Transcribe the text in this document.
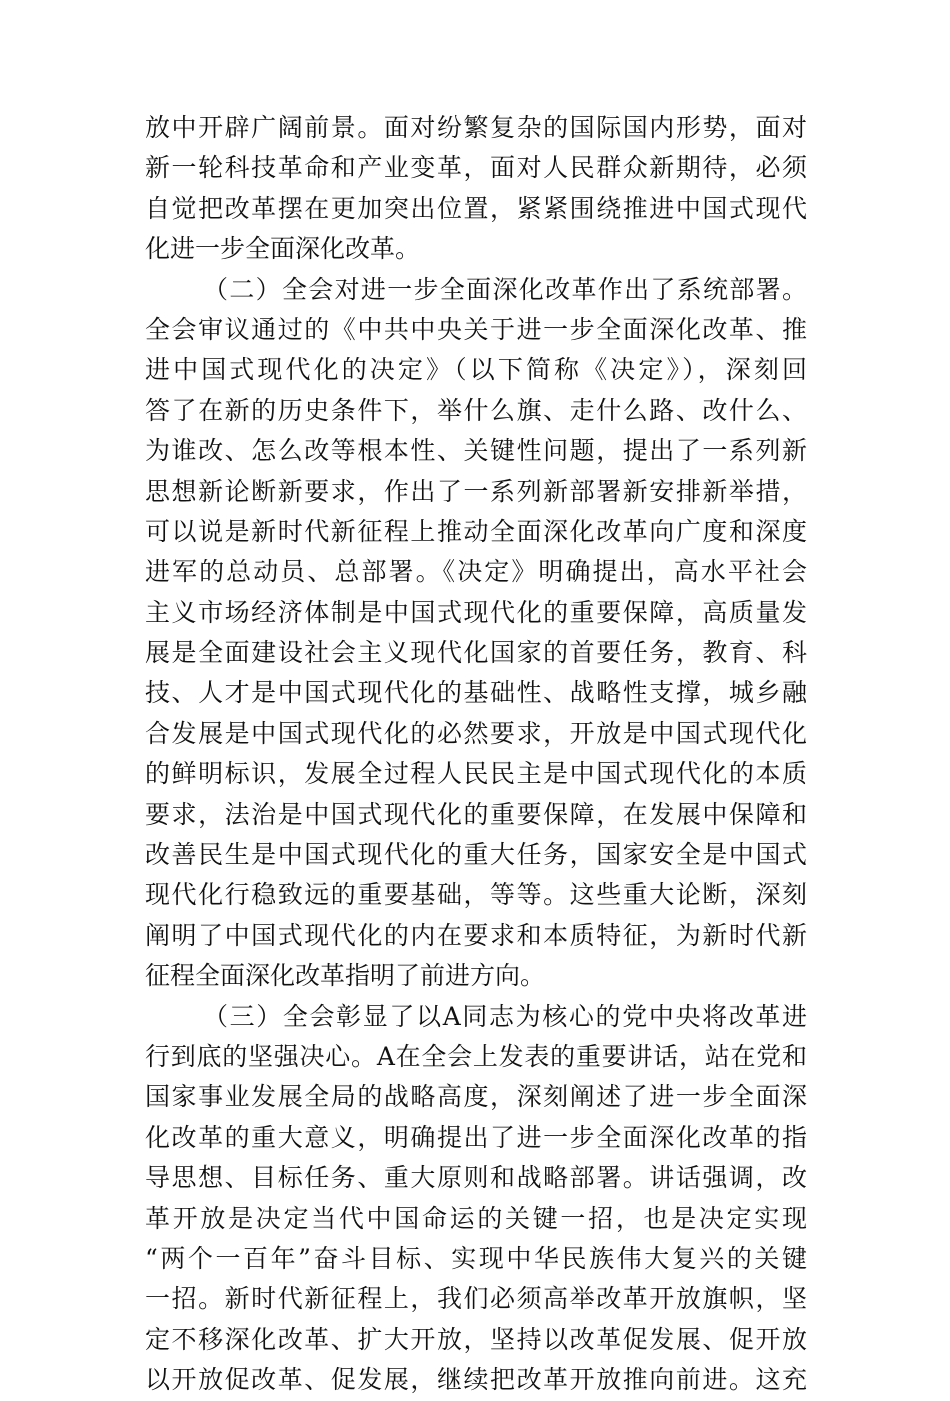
放中开辟广阔前景。面对纷繁复杂的国际国内形势，面对
新一轮科技革命和产业变革，面对人民群众新期待，必须
自觉把改革摆在更加突出位置，紧紧围绕推进中国式现代
化进一步全面深化改革。
（二）全会对进一步全面深化改革作出了系统部署。
全会审议通过的《中共中央关于进一步全面深化改革、推
进中国式现代化的决定》（以下简称《决定》），深刻回
答了在新的历史条件下，举什么旗、走什么路、改什么、
为谁改、怎么改等根本性、关键性问题，提出了一系列新
思想新论断新要求，作出了一系列新部署新安排新举措，
可以说是新时代新征程上推动全面深化改革向广度和深度
进军的总动员、总部署。《决定》明确提出，高水平社会
主义市场经济体制是中国式现代化的重要保障，高质量发
展是全面建设社会主义现代化国家的首要任务，教育、科
技、人才是中国式现代化的基础性、战略性支撑，城乡融
合发展是中国式现代化的必然要求，开放是中国式现代化
的鲜明标识，发展全过程人民民主是中国式现代化的本质
要求，法治是中国式现代化的重要保障，在发展中保障和
改善民生是中国式现代化的重大任务，国家安全是中国式
现代化行稳致远的重要基础，等等。这些重大论断，深刻
阐明了中国式现代化的内在要求和本质特征，为新时代新
征程全面深化改革指明了前进方向。
（三）全会彰显了以A同志为核心的党中央将改革进
行到底的坚强决心。A在全会上发表的重要讲话，站在党和
国家事业发展全局的战略高度，深刻阐述了进一步全面深
化改革的重大意义，明确提出了进一步全面深化改革的指
导思想、目标任务、重大原则和战略部署。讲话强调，改
革开放是决定当代中国命运的关键一招，也是决定实现
“两个一百年”奋斗目标、实现中华民族伟大复兴的关键
一招。新时代新征程上，我们必须高举改革开放旗帜，坚
定不移深化改革、扩大开放，坚持以改革促发展、促开放
以开放促改革、促发展，继续把改革开放推向前进。这充
